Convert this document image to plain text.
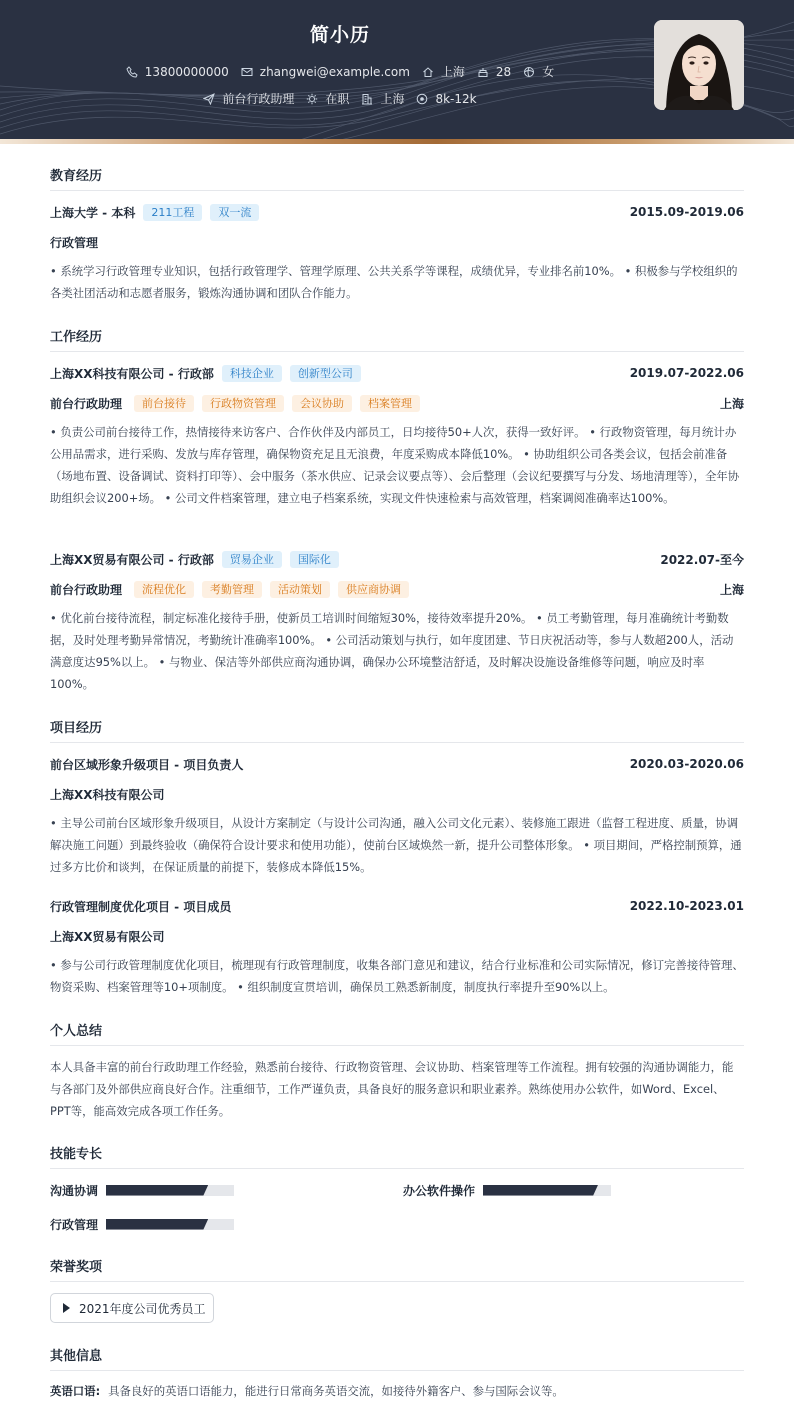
简小历
13800000000	zhangwei@example.com	上海	28	女
前台行政助理	在职	上海	8k-12k
教育经历
上海大学 - 本科	211工程	双一流	2015.09-2019.06
行政管理
• 系统学习行政管理专业知识，包括行政管理学、管理学原理、公共关系学等课程，成绩优异，专业排名前10%。 • 积极参与学校组织的各类社团活动和志愿者服务，锻炼沟通协调和团队合作能力。
工作经历
上海XX科技有限公司 - 行政部	科技企业	创新型公司	2019.07-2022.06
前台行政助理	前台接待	行政物资管理	会议协助	档案管理	上海
• 负责公司前台接待工作，热情接待来访客户、合作伙伴及内部员工，日均接待50+人次，获得一致好评。 • 行政物资管理，每月统计办公用品需求，进行采购、发放与库存管理，确保物资充足且无浪费，年度采购成本降低10%。 • 协助组织公司各类会议，包括会前准备（场地布置、设备调试、资料打印等）、会中服务（茶水供应、记录会议要点等）、会后整理（会议纪要撰写与分发、场地清理等），全年协助组织会议200+场。 • 公司文件档案管理，建立电子档案系统，实现文件快速检索与高效管理，档案调阅准确率达100%。
上海XX贸易有限公司 - 行政部	贸易企业	国际化	2022.07-至今
前台行政助理	流程优化	考勤管理	活动策划	供应商协调	上海
• 优化前台接待流程，制定标准化接待手册，使新员工培训时间缩短30%，接待效率提升20%。 • 员工考勤管理，每月准确统计考勤数据，及时处理考勤异常情况，考勤统计准确率100%。 • 公司活动策划与执行，如年度团建、节日庆祝活动等，参与人数超200人，活动满意度达95%以上。 • 与物业、保洁等外部供应商沟通协调，确保办公环境整洁舒适，及时解决设施设备维修等问题，响应及时率100%。
项目经历
前台区域形象升级项目 - 项目负责人	2020.03-2020.06
上海XX科技有限公司
• 主导公司前台区域形象升级项目，从设计方案制定（与设计公司沟通，融入公司文化元素）、装修施工跟进（监督工程进度、质量，协调解决施工问题）到最终验收（确保符合设计要求和使用功能），使前台区域焕然一新，提升公司整体形象。 • 项目期间，严格控制预算，通过多方比价和谈判，在保证质量的前提下，装修成本降低15%。
行政管理制度优化项目 - 项目成员	2022.10-2023.01
上海XX贸易有限公司
• 参与公司行政管理制度优化项目，梳理现有行政管理制度，收集各部门意见和建议，结合行业标准和公司实际情况，修订完善接待管理、物资采购、档案管理等10+项制度。 • 组织制度宣贯培训，确保员工熟悉新制度，制度执行率提升至90%以上。
个人总结
本人具备丰富的前台行政助理工作经验，熟悉前台接待、行政物资管理、会议协助、档案管理等工作流程。拥有较强的沟通协调能力，能与各部门及外部供应商良好合作。注重细节，工作严谨负责，具备良好的服务意识和职业素养。熟练使用办公软件，如Word、Excel、PPT等，能高效完成各项工作任务。
技能专长
沟通协调	办公软件操作
行政管理
荣誉奖项
2021年度公司优秀员工
其他信息
英语口语: 具备良好的英语口语能力，能进行日常商务英语交流，如接待外籍客户、参与国际会议等。
